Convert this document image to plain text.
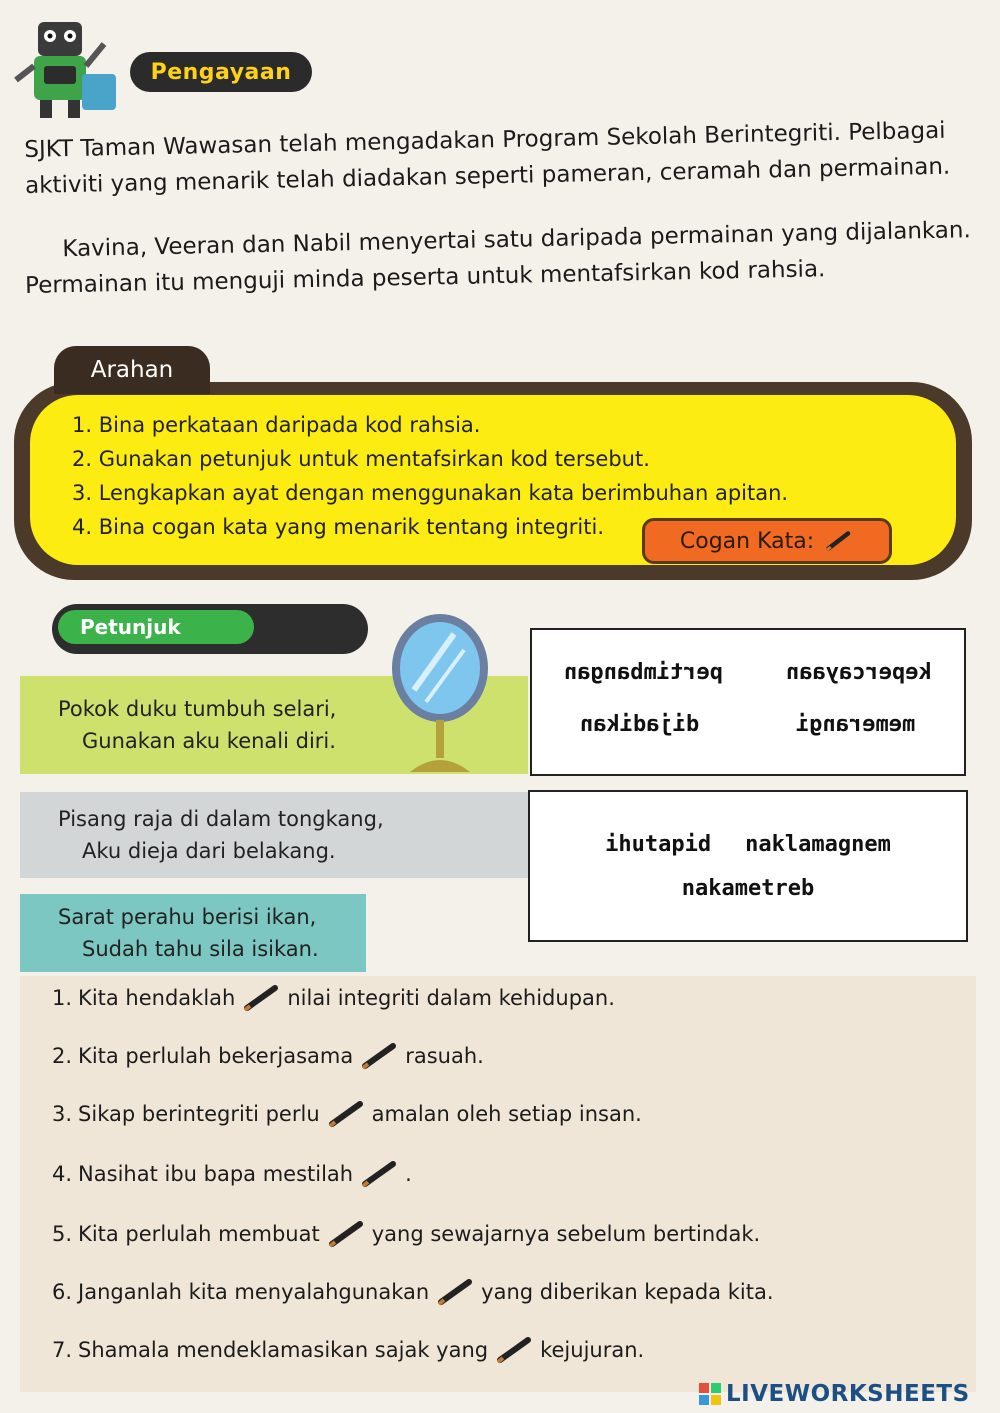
Pengayaan

SJKT Taman Wawasan telah mengadakan Program Sekolah Berintegriti. Pelbagai aktiviti yang menarik telah diadakan seperti pameran, ceramah dan permainan.

Kavina, Veeran dan Nabil menyertai satu daripada permainan yang dijalankan. Permainan itu menguji minda peserta untuk mentafsirkan kod rahsia.

Arahan
1. Bina perkataan daripada kod rahsia.
2. Gunakan petunjuk untuk mentafsirkan kod tersebut.
3. Lengkapkan ayat dengan menggunakan kata berimbuhan apitan.
4. Bina cogan kata yang menarik tentang integriti.
Cogan Kata:
Petunjuk
Pokok duku tumbuh selari,
Gunakan aku kenali diri.
pertimbangan	kepercayaan
dijadikan	memerangi
Pisang raja di dalam tongkang,
Aku dieja dari belakang.	ihutapid naklamagnem
nakametreb
Sarat perahu berisi ikan,
Sudah tahu sila isikan.
1. Kita hendaklah nilai integriti dalam kehidupan.
2. Kita perlulah bekerjasama rasuah.
3. Sikap berintegriti perlu amalan oleh setiap insan.
4. Nasihat ibu bapa mestilah .
5. Kita perlulah membuat yang sewajarnya sebelum bertindak.
6. Janganlah kita menyalahgunakan yang diberikan kepada kita.
7. Shamala mendeklamasikan sajak yang kejujuran.
LIVEWORKSHEETS
